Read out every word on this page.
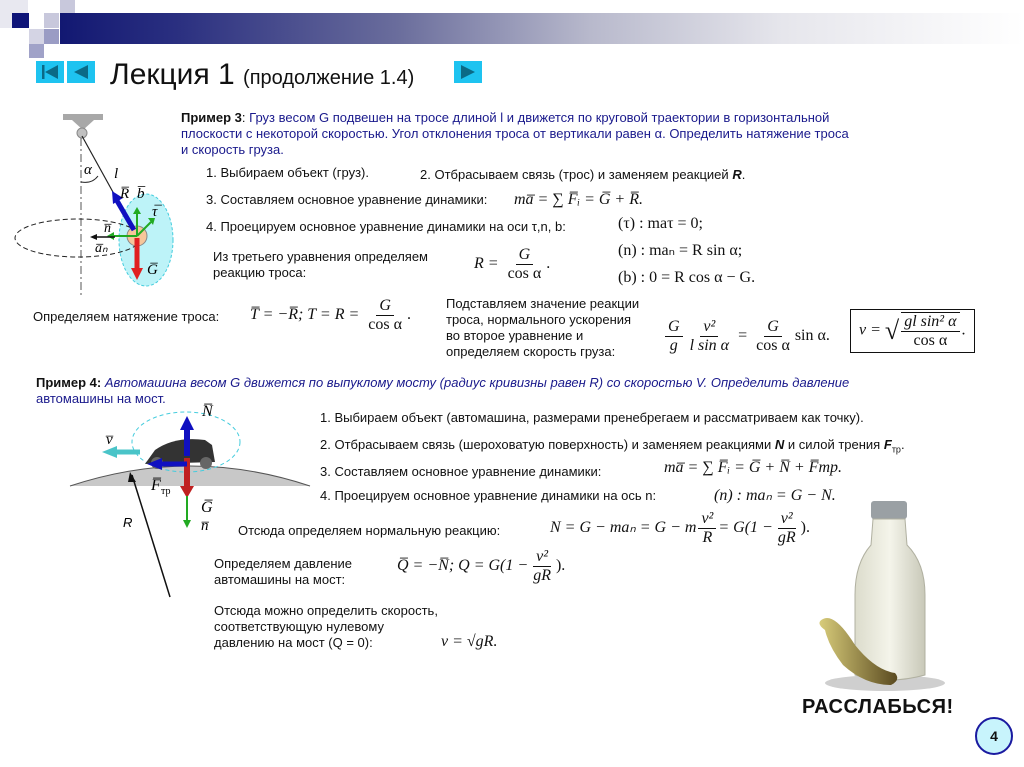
Лекция 1 (продолжение 1.4)
α l
R̅ b̅
τ̅
n̅
a̅ₙ
G̅
Пример 3: Груз весом G подвешен на тросе длиной l и движется по круговой траектории в горизонтальной
плоскости с некоторой скоростью. Угол отклонения троса от вертикали равен α. Определить натяжение троса
и скорость груза.
1. Выбираем объект (груз).	2. Отбрасываем связь (трос) и заменяем реакцией R.
3. Составляем основное уравнение динамики: ma̅ = ∑ F̅ᵢ = G̅ + R̅.
4. Проецируем основное уравнение динамики на оси τ,n, b:	(τ) : maτ = 0;
(n) : maₙ = R sin α;
(b) : 0 = R cos α − G.
Из третьего уравнения определяем
реакцию троса:
$R = \frac{G}{\text{cos α}}$ .
Определяем натяжение троса: T̅ = −R̅; $T = R = \frac{G}{\text{cos α}}$ .
Подставляем значение реакции
троса, нормального ускорения
во второе уравнение и
определяем скорость груза:	$\frac{G}{g} \frac{\text{v²}}{\text{l sin α}} = \frac{G}{\text{cos α}}$ sin α.	v = √ $\frac{\text{gl sin² α}}{\text{cos α}}$ .
Пример 4: Автомашина весом G движется по выпуклому мосту (радиус кривизны равен R) со скоростью V. Определить давление
автомашины на мост.
N̅
v̅
F̅ тр
G̅
n̅
R
1. Выбираем объект (автомашина, размерами пренебрегаем и рассматриваем как точку).
2. Отбрасываем связь (шероховатую поверхность) и заменяем реакциями N и силой трения $F_{тр}$.
3. Составляем основное уравнение динамики:	ma̅ = ∑ F̅ᵢ = G̅ + N̅ + F̅тр.
4. Проецируем основное уравнение динамики на ось n:	(n) : maₙ = G − N.
Отсюда определяем нормальную реакцию:	N = G − maₙ = G − m $\frac{\text{v²}}{R} = G(1 - \frac{\text{v²}}{gR}$ ).
Определяем давление
автомашины на мост:
Q̅ = −N̅; $Q = G(1 - \frac{\text{v²}}{gR}$ ).
Отсюда можно определить скорость,
соответствующую нулевому
давлению на мост (Q = 0):	v = √gR.
РАССЛАБЬСЯ!
4
